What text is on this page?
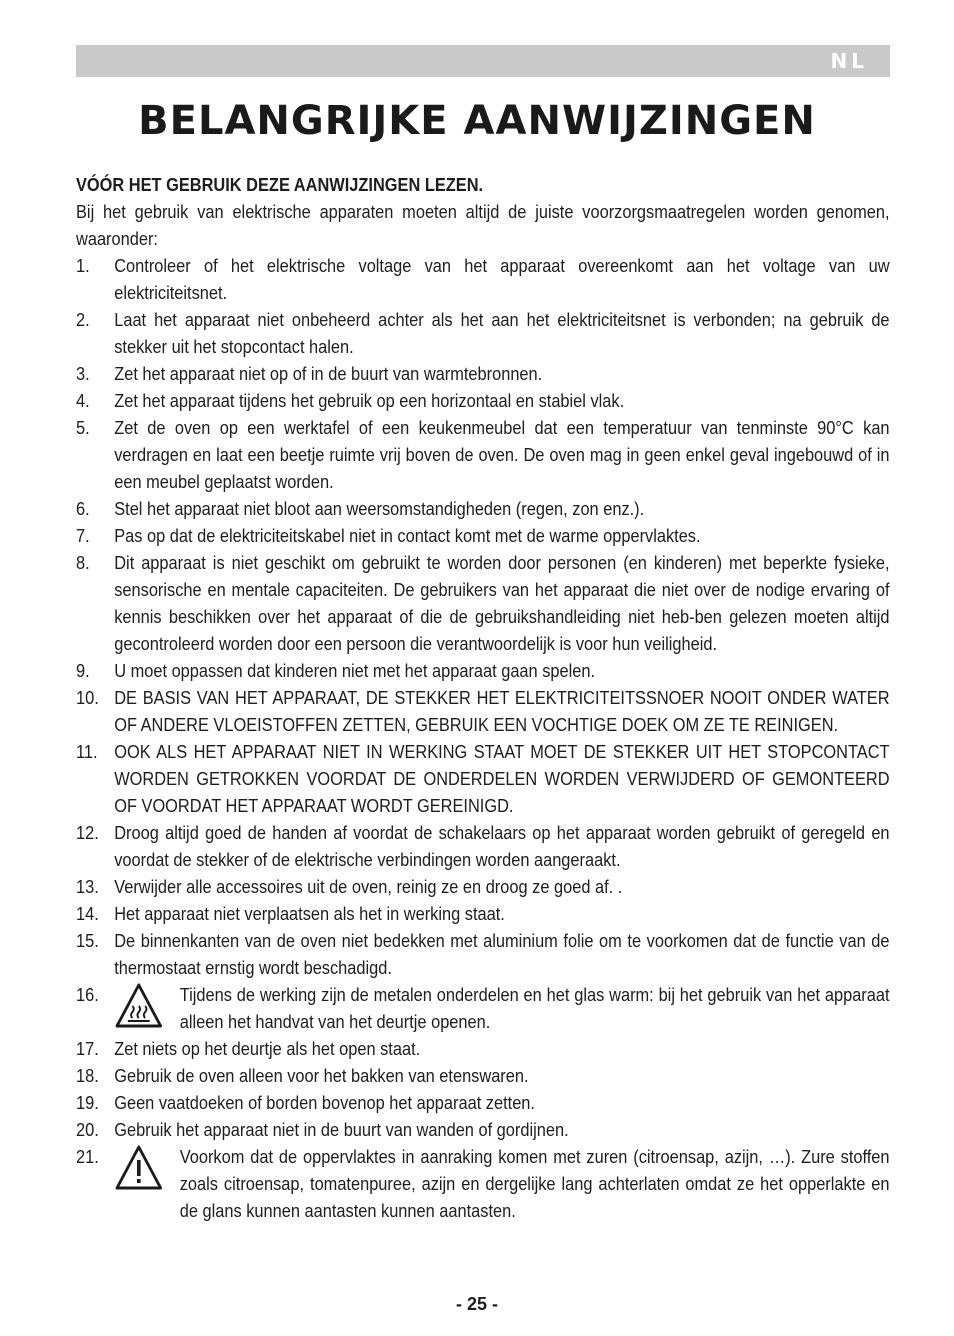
NL
BELANGRIJKE AANWIJZINGEN

VÓÓR HET GEBRUIK DEZE AANWIJZINGEN LEZEN.

Bij het gebruik van elektrische apparaten moeten altijd de juiste voorzorgsmaatregelen worden genomen, waaronder:

1. Controleer of het elektrische voltage van het apparaat overeenkomt aan het voltage van uw elektriciteitsnet.
2. Laat het apparaat niet onbeheerd achter als het aan het elektriciteitsnet is verbonden; na gebruik de stekker uit het stopcontact halen.
3. Zet het apparaat niet op of in de buurt van warmtebronnen.
4. Zet het apparaat tijdens het gebruik op een horizontaal en stabiel vlak.
5. Zet de oven op een werktafel of een keukenmeubel dat een temperatuur van tenminste 90°C kan verdragen en laat een beetje ruimte vrij boven de oven. De oven mag in geen enkel geval ingebouwd of in een meubel geplaatst worden.
6. Stel het apparaat niet bloot aan weersomstandigheden (regen, zon enz.).
7. Pas op dat de elektriciteitskabel niet in contact komt met de warme oppervlaktes.
8. Dit apparaat is niet geschikt om gebruikt te worden door personen (en kinderen) met beperkte fysieke, sensorische en mentale capaciteiten. De gebruikers van het apparaat die niet over de nodige ervaring of kennis beschikken over het apparaat of die de gebruikshandleiding niet heb-ben gelezen moeten altijd gecontroleerd worden door een persoon die verantwoordelijk is voor hun veiligheid.
9. U moet oppassen dat kinderen niet met het apparaat gaan spelen.
10. DE BASIS VAN HET APPARAAT, DE STEKKER HET ELEKTRICITEITSSNOER NOOIT ONDER WATER OF ANDERE VLOEISTOFFEN ZETTEN, GEBRUIK EEN VOCHTIGE DOEK OM ZE TE REINIGEN.
11. OOK ALS HET APPARAAT NIET IN WERKING STAAT MOET DE STEKKER UIT HET STOPCONTACT WORDEN GETROKKEN VOORDAT DE ONDERDELEN WORDEN VERWIJDERD OF GEMONTEERD OF VOORDAT HET APPARAAT WORDT GEREINIGD.
12. Droog altijd goed de handen af voordat de schakelaars op het apparaat worden gebruikt of geregeld en voordat de stekker of de elektrische verbindingen worden aangeraakt.
13. Verwijder alle accessoires uit de oven, reinig ze en droog ze goed af. .
14. Het apparaat niet verplaatsen als het in werking staat.
15. De binnenkanten van de oven niet bedekken met aluminium folie om te voorkomen dat de functie van de thermostaat ernstig wordt beschadigd.
16.	Tijdens de werking zijn de metalen onderdelen en het glas warm: bij het gebruik van het apparaat alleen het handvat van het deurtje openen.
17. Zet niets op het deurtje als het open staat.
18. Gebruik de oven alleen voor het bakken van etenswaren.
19. Geen vaatdoeken of borden bovenop het apparaat zetten.
20. Gebruik het apparaat niet in de buurt van wanden of gordijnen.
21.	Voorkom dat de oppervlaktes in aanraking komen met zuren (citroensap, azijn, …). Zure stoffen zoals citroensap, tomatenpuree, azijn en dergelijke lang achterlaten omdat ze het opperlakte en de glans kunnen aantasten kunnen aantasten.
- 25 -
